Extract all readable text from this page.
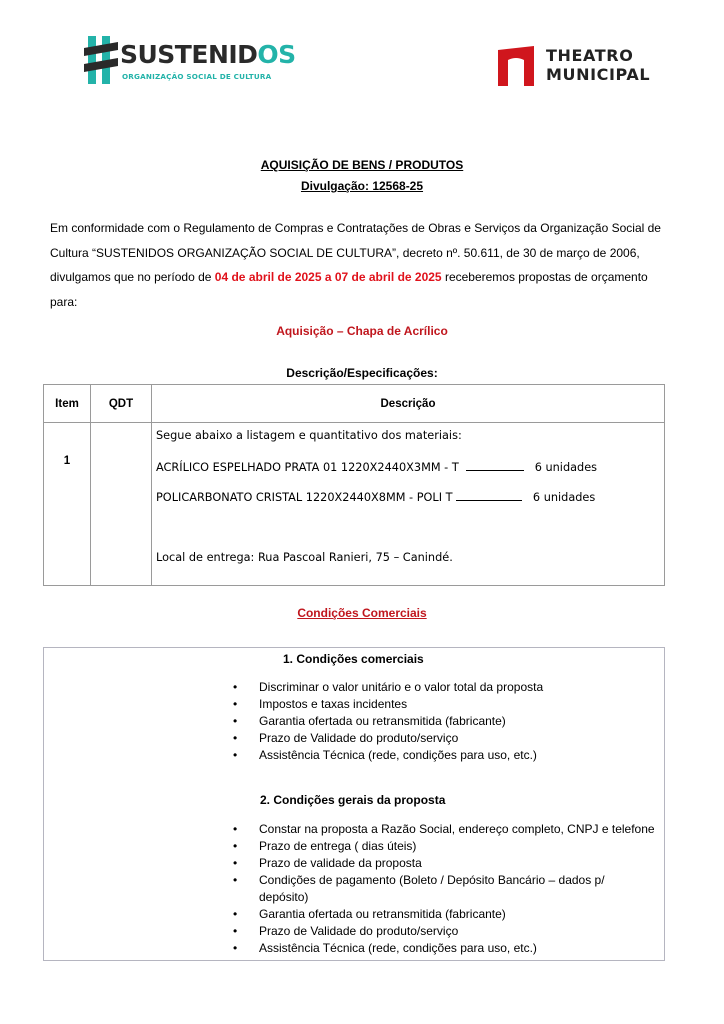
SUSTENIDOS
ORGANIZAÇÃO SOCIAL DE CULTURA
THEATRO
MUNICIPAL
AQUISIÇÃO DE BENS / PRODUTOS
Divulgação: 12568-25

Em conformidade com o Regulamento de Compras e Contratações de Obras e Serviços da Organização Social de Cultura “SUSTENIDOS ORGANIZAÇÃO SOCIAL DE CULTURA”, decreto nº. 50.611, de 30 de março de 2006, divulgamos que no período de 04 de abril de 2025 a 07 de abril de 2025 receberemos propostas de orçamento para:

Aquisição – Chapa de Acrílico
Descrição/Especificações:
Item	QDT	Descrição
1		Segue abaixo a listagem e quantitativo dos materiais:
ACRÍLICO ESPELHADO PRATA 01 1220X2440X3MM - T 6 unidades
POLICARBONATO CRISTAL 1220X2440X8MM - POLI T 6 unidades
Local de entrega: Rua Pascoal Ranieri, 75 – Canindé.
Condições Comerciais
1. Condições comerciais
• Discriminar o valor unitário e o valor total da proposta
• Impostos e taxas incidentes
• Garantia ofertada ou retransmitida (fabricante)
• Prazo de Validade do produto/serviço
• Assistência Técnica (rede, condições para uso, etc.)
2. Condições gerais da proposta
• Constar na proposta a Razão Social, endereço completo, CNPJ e telefone
• Prazo de entrega ( dias úteis)
• Prazo de validade da proposta
• Condições de pagamento (Boleto / Depósito Bancário – dados p/ depósito)
• Garantia ofertada ou retransmitida (fabricante)
• Prazo de Validade do produto/serviço
• Assistência Técnica (rede, condições para uso, etc.)
